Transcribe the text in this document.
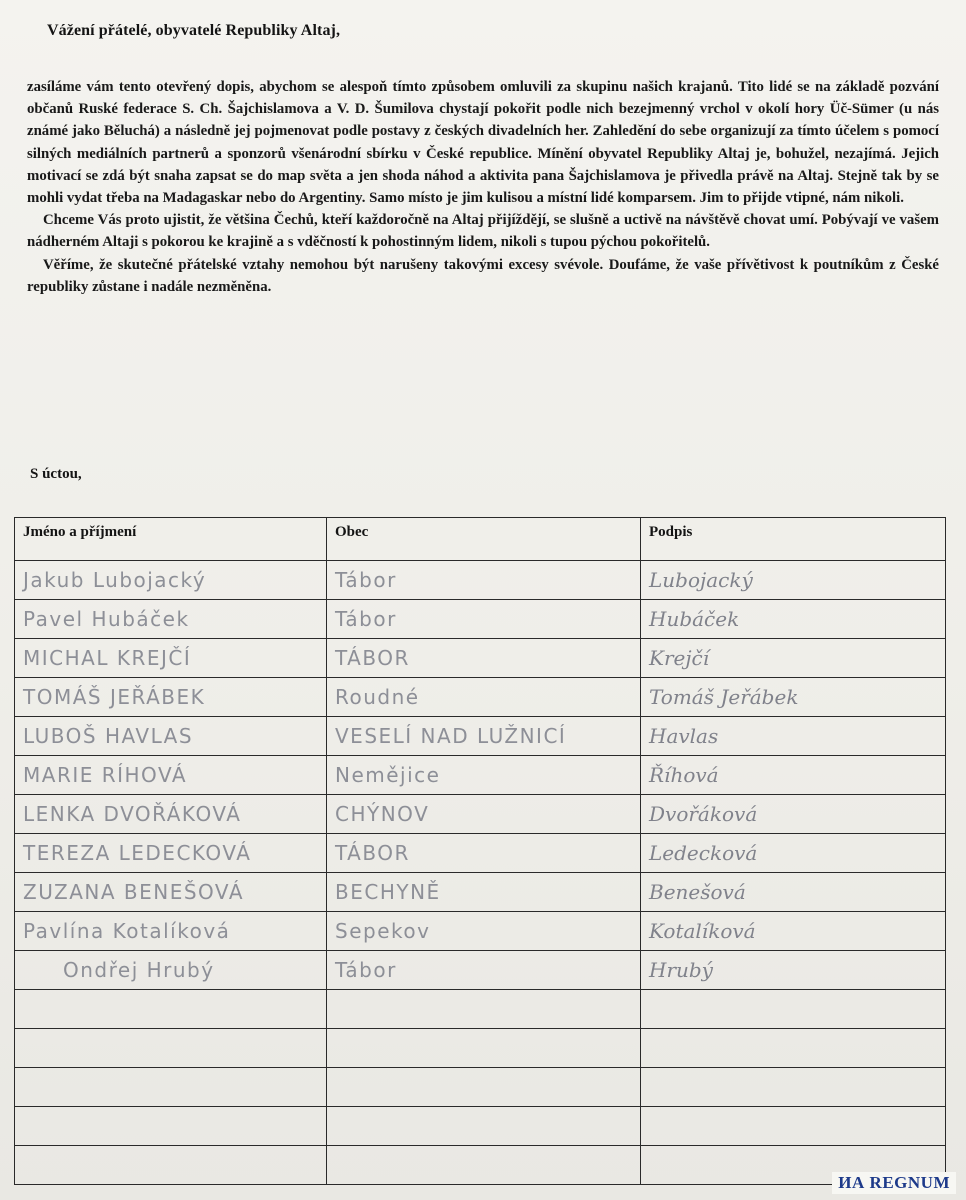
Vážení přátelé, obyvatelé Republiky Altaj,

zasíláme vám tento otevřený dopis, abychom se alespoň tímto způsobem omluvili za skupinu našich krajanů. Tito lidé se na základě pozvání občanů Ruské federace S. Ch. Šajchislamova a V. D. Šumilova chystají pokořit podle nich bezejmenný vrchol v okolí hory Üč-Sümer (u nás známé jako Běluchá) a následně jej pojmenovat podle postavy z českých divadelních her. Zahledění do sebe organizují za tímto účelem s pomocí silných mediálních partnerů a sponzorů všenárodní sbírku v České republice. Mínění obyvatel Republiky Altaj je, bohužel, nezajímá. Jejich motivací se zdá být snaha zapsat se do map světa a jen shoda náhod a aktivita pana Šajchislamova je přivedla právě na Altaj. Stejně tak by se mohli vydat třeba na Madagaskar nebo do Argentiny. Samo místo je jim kulisou a místní lidé komparsem. Jim to přijde vtipné, nám nikoli.

Chceme Vás proto ujistit, že většina Čechů, kteří každoročně na Altaj přijíždějí, se slušně a uctivě na návštěvě chovat umí. Pobývají ve vašem nádherném Altaji s pokorou ke krajině a s vděčností k pohostinným lidem, nikoli s tupou pýchou pokořitelů.

Věříme, že skutečné přátelské vztahy nemohou být narušeny takovými excesy svévole. Doufáme, že vaše přívětivost k poutníkům z České republiky zůstane i nadále nezměněna.

S úctou,
Jméno a příjmení	Obec	Podpis
Jakub Lubojacký	Tábor	Lubojacký
Pavel Hubáček	Tábor	Hubáček
MICHAL KREJČÍ	TÁBOR	Krejčí
TOMÁŠ JEŘÁBEK	Roudné	Tomáš Jeřábek
LUBOŠ HAVLAS	VESELÍ NAD LUŽNICÍ	Havlas
MARIE RÍHOVÁ	Nemějice	Říhová
LENKA DVOŘÁKOVÁ	CHÝNOV	Dvořáková
TEREZA LEDECKOVÁ	TÁBOR	Ledecková
ZUZANA BENEŠOVÁ	BECHYNĚ	Benešová
Pavlína Kotalíková	Sepekov	Kotalíková
Ondřej Hrubý	Tábor	Hrubý

ИА REGNUM
